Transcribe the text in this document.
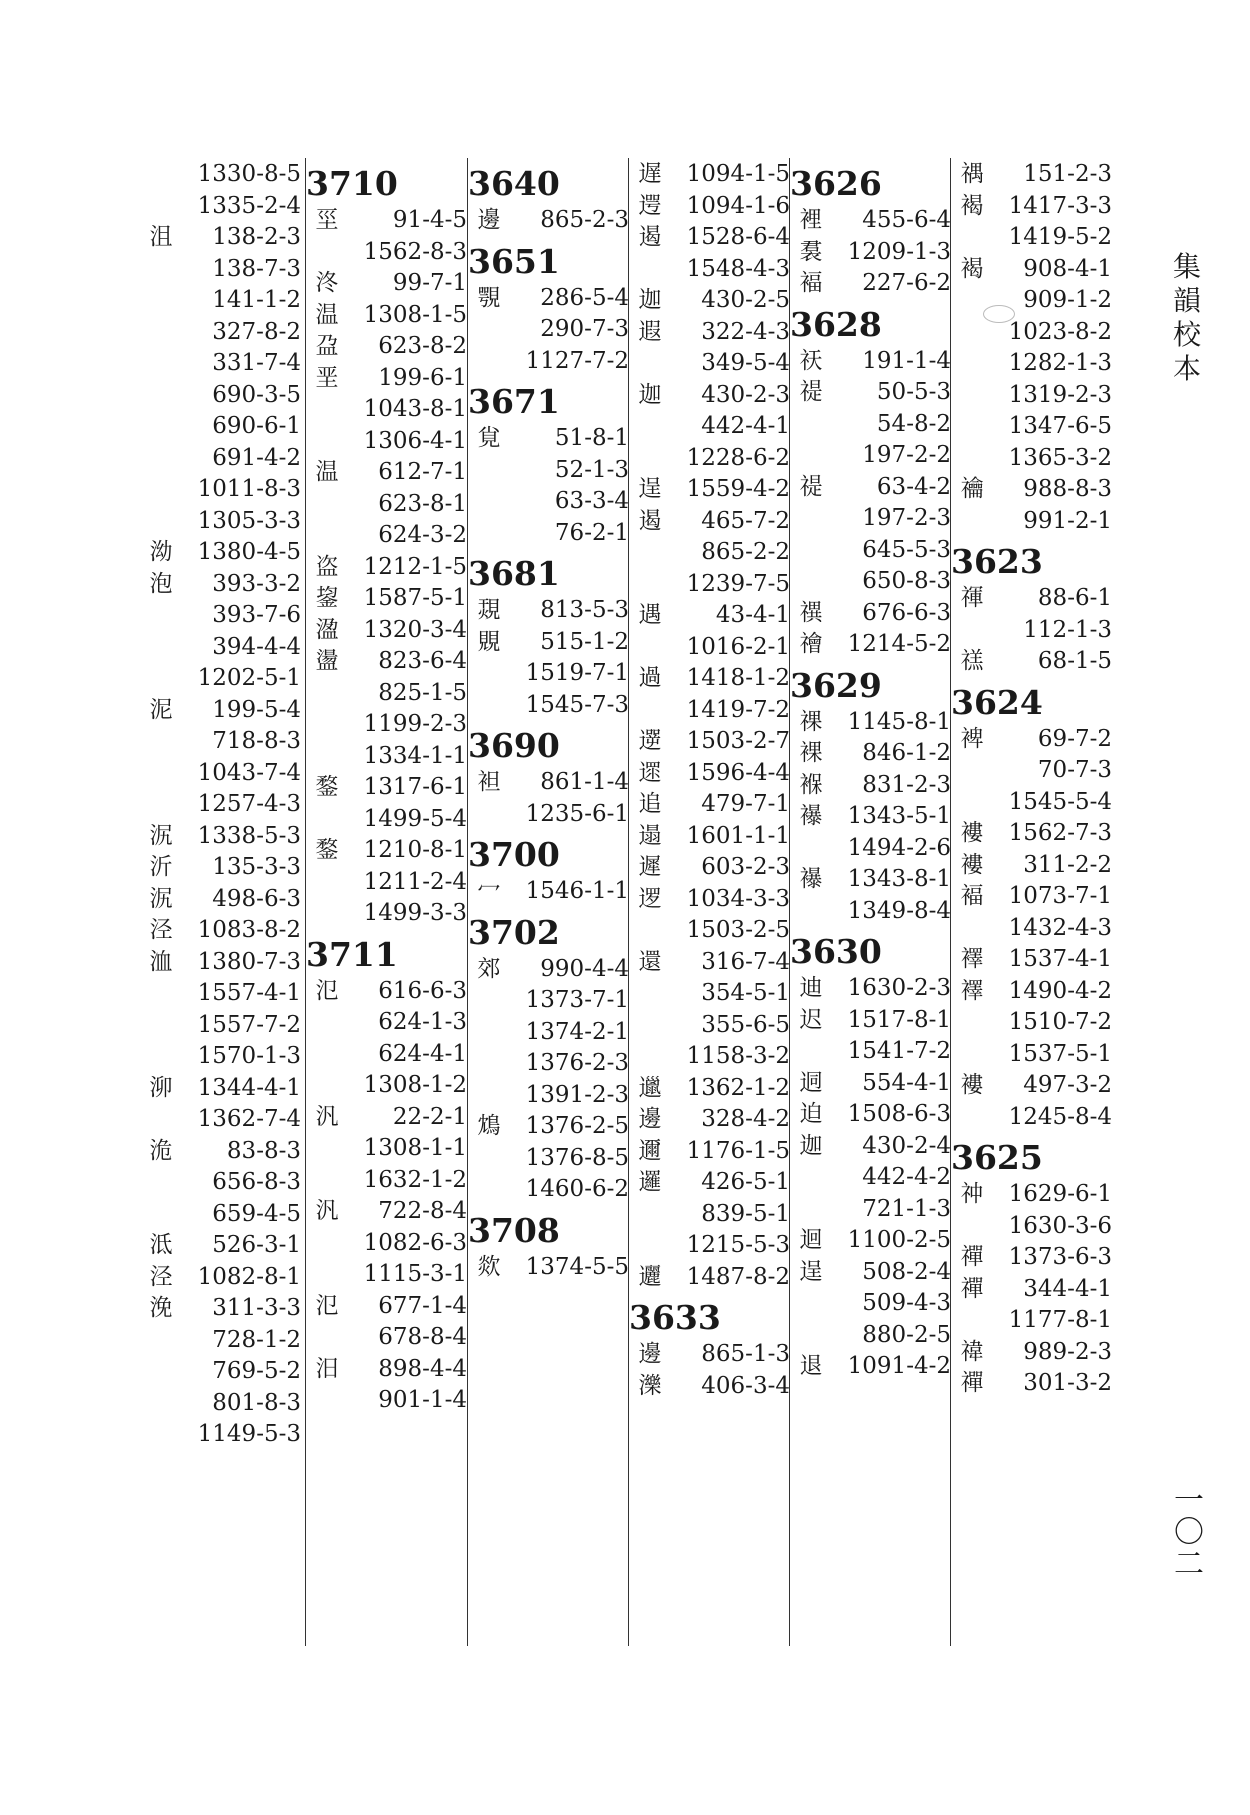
1330-8-5
1335-2-4
沮 138-2-3
138-7-3
141-1-2
327-8-2
331-7-4
690-3-5
690-6-1
691-4-2
1011-8-3
1305-3-3
泑 1380-4-5
泡 393-3-2
393-7-6
394-4-4
1202-5-1
泥 199-5-4
718-8-3
1043-7-4
1257-4-3
泦 1338-5-3
沂 135-3-3
泦 498-6-3
泾 1083-8-2
洫 1380-7-3
1557-4-1
1557-7-2
1570-1-3
泖 1344-4-1
1362-7-4
洈 83-8-3
656-8-3
659-4-5
泜 526-3-1
泾 1082-8-1
浼 311-3-3
728-1-2
769-5-2
801-8-3
1149-5-3
3710
坙 91-4-5
1562-8-3
泈 99-7-1
温 1308-1-5
盁 623-8-2
垩 199-6-1
1043-8-1
1306-4-1
温 612-7-1
623-8-1
624-3-2
盗 1212-1-5
鋆 1587-5-1
溋 1320-3-4
盪 823-6-4
825-1-5
1199-2-3
1334-1-1
鍪 1317-6-1
1499-5-4
鍪 1210-8-1
1211-2-4
1499-3-3
3711
氾 616-6-3
624-1-3
624-4-1
1308-1-2
汎 22-2-1
1308-1-1
1632-1-2
汎 722-8-4
1082-6-3
1115-3-1
氾 677-1-4
678-8-4
汨 898-4-4
901-1-4
3640
邊 865-2-3
3651
覨 286-5-4
290-7-3
1127-7-2
3671
覍 51-8-1
52-1-3
63-3-4
76-2-1
3681
覝 813-5-3
覞 515-1-2
1519-7-1
1545-7-3
3690
袒 861-1-4
1235-6-1
3700
冖 1546-1-1
3702
郊 990-4-4
1373-7-1
1374-2-1
1376-2-3
1391-2-3
鴆 1376-2-5
1376-8-5
1460-6-2
3708
欻 1374-5-5
遅 1094-1-5
遌 1094-1-6
遏 1528-6-4
1548-4-3
迦 430-2-5
遐 322-4-3
349-5-4
迦 430-2-3
442-4-1
1228-6-2
逞 1559-4-2
遏 465-7-2
865-2-2
1239-7-5
遇 43-4-1
1016-2-1
過 1418-1-2
1419-7-2
遻 1503-2-7
遝 1596-4-4
追 479-7-1
遢 1601-1-1
遲 603-2-3
逻 1034-3-3
1503-2-5
還 316-7-4
354-5-1
355-6-5
1158-3-2
邋 1362-1-2
邊 328-4-2
邇 1176-1-5
邏 426-5-1
839-5-1
1215-5-3
邐 1487-8-2
3633
邊 865-1-3
濼 406-3-4
3626
裡 455-6-4
裠 1209-1-3
褔 227-6-2
3628
祆 191-1-4
禔 50-5-3
54-8-2
197-2-2
禔 63-4-2
197-2-3
645-5-3
650-8-3
禩 676-6-3
禬 1214-5-2
3629
祼 1145-8-1
裸 846-1-2
褓 831-2-3
襮 1343-5-1
1494-2-6
襮 1343-8-1
1349-8-4
3630
迪 1630-2-3
迟 1517-8-1
1541-7-2
迵 554-4-1
迫 1508-6-3
迦 430-2-4
442-4-2
721-1-3
迴 1100-2-5
逞 508-2-4
509-4-3
880-2-5
退 1091-4-2
禑 151-2-3
褐 1417-3-3
1419-5-2
褐 908-4-1
909-1-2
1023-8-2
1282-1-3
1319-2-3
1347-6-5
1365-3-2
禴 988-8-3
991-2-1
3623
禈 88-6-1
112-1-3
禚 68-1-5
3624
裨 69-7-2
70-7-3
1545-5-4
褸 1562-7-3
褸 311-2-2
褔 1073-7-1
1432-4-3
襗 1537-4-1
襗 1490-4-2
1510-7-2
1537-5-1
褸 497-3-2
1245-8-4
3625
祌 1629-6-1
1630-3-6
禪 1373-6-3
禪 344-4-1
1177-8-1
禕 989-2-3
禪 301-3-2
集韻校本
一〇二
